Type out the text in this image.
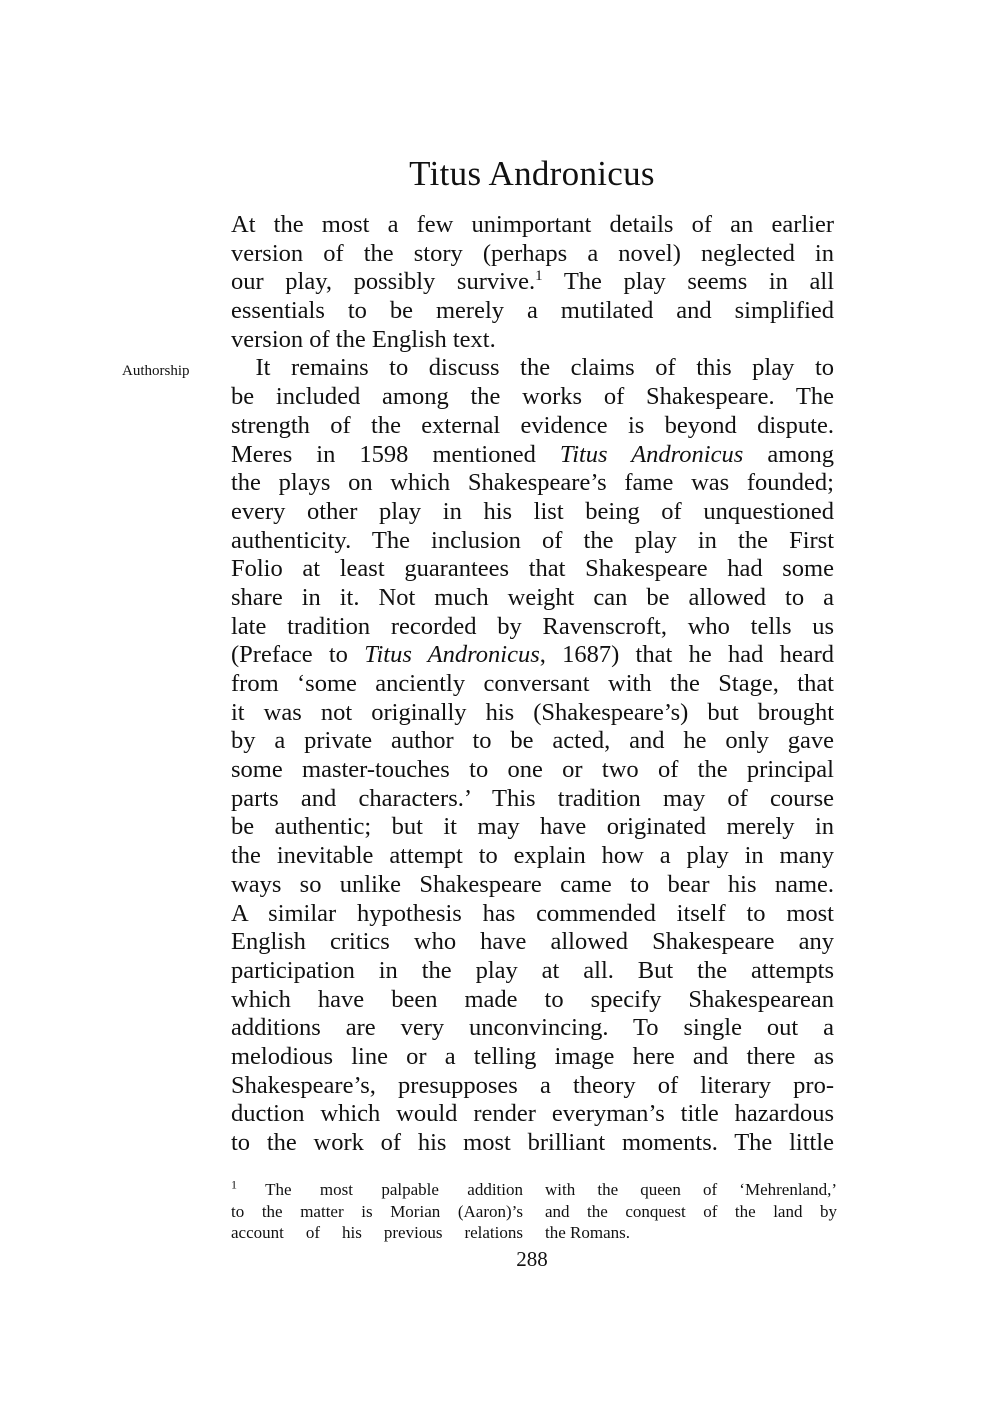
Titus Andronicus
Authorship
At the most a few unimportant details of an earlier
version of the story (perhaps a novel) neglected in
our play, possibly survive.$^1$ The play seems in all
essentials to be merely a mutilated and simplified
version of the English text.
 It remains to discuss the claims of this play to
be included among the works of Shakespeare. The
strength of the external evidence is beyond dispute.
Meres in 1598 mentioned Titus Andronicus among
the plays on which Shakespeare’s fame was founded;
every other play in his list being of unquestioned
authenticity. The inclusion of the play in the First
Folio at least guarantees that Shakespeare had some
share in it. Not much weight can be allowed to a
late tradition recorded by Ravenscroft, who tells us
(Preface to Titus Andronicus, 1687) that he had heard
from ‘some anciently conversant with the Stage, that
it was not originally his (Shakespeare’s) but brought
by a private author to be acted, and he only gave
some master-touches to one or two of the principal
parts and characters.’ This tradition may of course
be authentic; but it may have originated merely in
the inevitable attempt to explain how a play in many
ways so unlike Shakespeare came to bear his name.
A similar hypothesis has commended itself to most
English critics who have allowed Shakespeare any
participation in the play at all. But the attempts
which have been made to specify Shakespearean
additions are very unconvincing. To single out a
melodious line or a telling image here and there as
Shakespeare’s, presupposes a theory of literary pro-
duction which would render everyman’s title hazardous
to the work of his most brilliant moments. The little
$^1$ The most palpable addition
to the matter is Morian (Aaron)’s
account of his previous relations
with the queen of ‘Mehrenland,’
and the conquest of the land by
the Romans.
288
